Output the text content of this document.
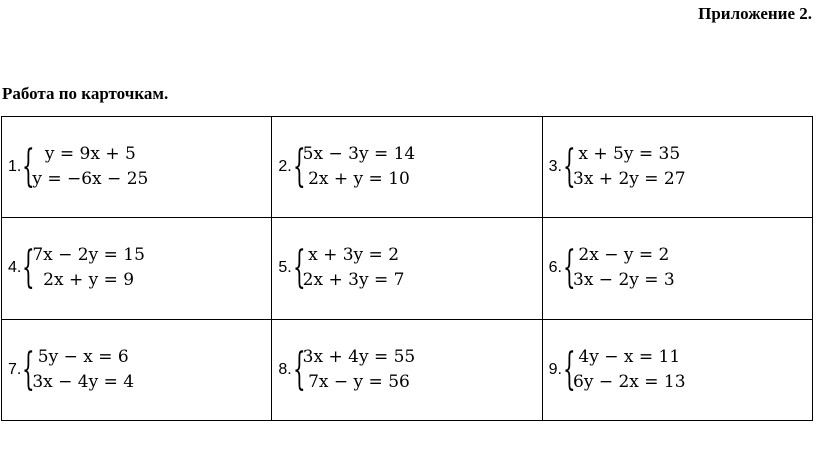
Приложение 2.
Работа по карточкам.
1. { y = 9x + 5
y = −6x − 25	2. {
5x − 3y = 14
2x + y = 10	3. { x + 5y = 35
3x + 2y = 27

4. {
7x − 2y = 15
2x + y = 9	5. { x + 3y = 2
2x + 3y = 7	6. { 2x − y = 2
3x − 2y = 3

7. { 5y − x = 6
3x − 4y = 4	8. {
3x + 4y = 55
7x − y = 56	9. { 4y − x = 11
6y − 2x = 13
